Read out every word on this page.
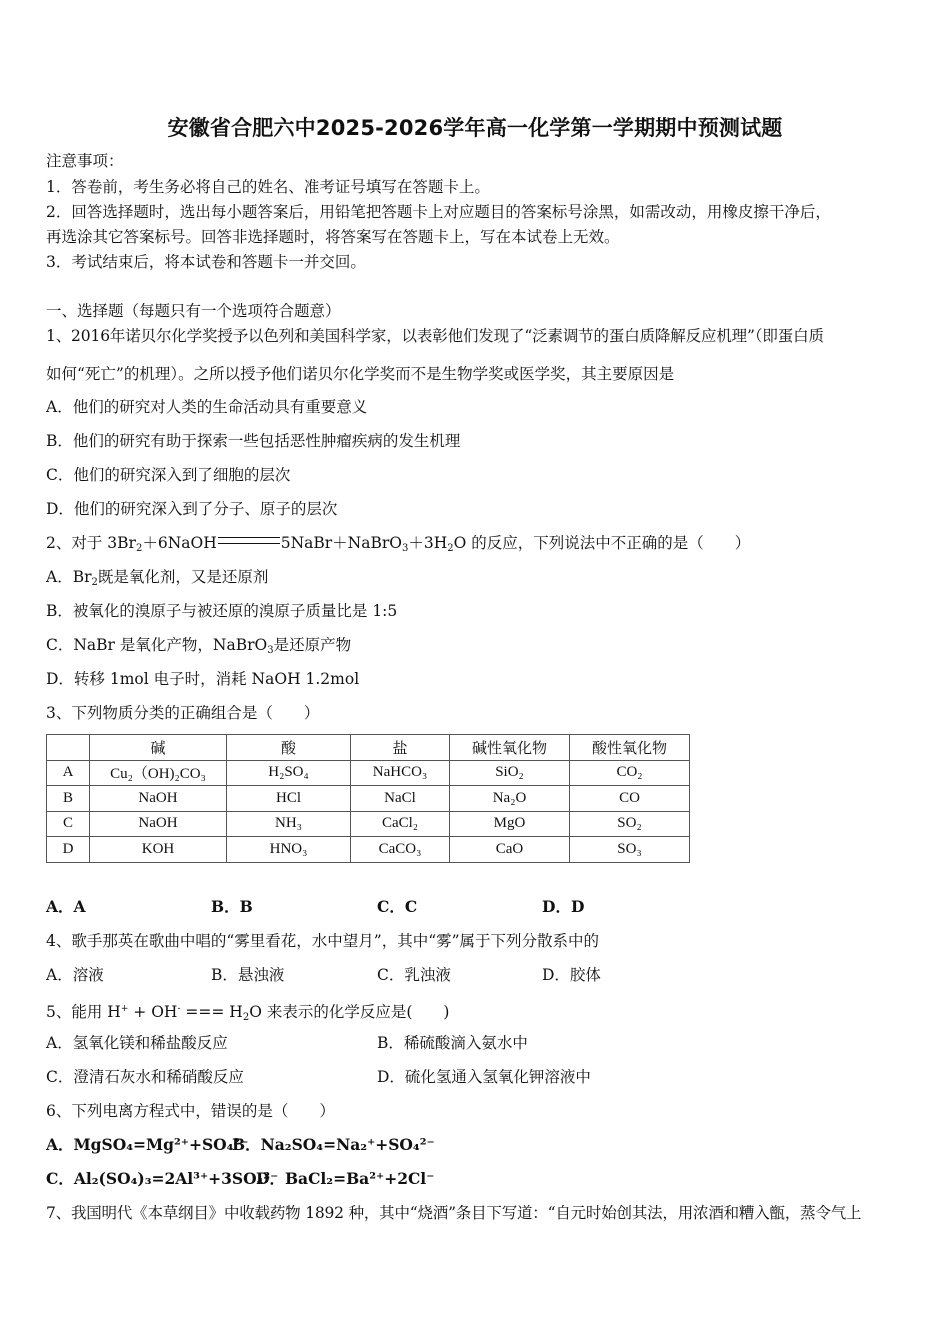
安徽省合肥六中2025-2026学年高一化学第一学期期中预测试题
注意事项：
1．答卷前，考生务必将自己的姓名、准考证号填写在答题卡上。
2．回答选择题时，选出每小题答案后，用铅笔把答题卡上对应题目的答案标号涂黑，如需改动，用橡皮擦干净后，
再选涂其它答案标号。回答非选择题时，将答案写在答题卡上，写在本试卷上无效。
3．考试结束后，将本试卷和答题卡一并交回。
一、选择题（每题只有一个选项符合题意）
1、2016年诺贝尔化学奖授予以色列和美国科学家，以表彰他们发现了“泛素调节的蛋白质降解反应机理”（即蛋白质
如何“死亡”的机理）。之所以授予他们诺贝尔化学奖而不是生物学奖或医学奖，其主要原因是
A．他们的研究对人类的生命活动具有重要意义
B．他们的研究有助于探索一些包括恶性肿瘤疾病的发生机理
C．他们的研究深入到了细胞的层次
D．他们的研究深入到了分子、原子的层次
2、对于 $3Br_2+6NaOH$	$5NaBr+NaBrO_3+3H_2O$ 的反应，下列说法中不正确的是（　　）
A．$Br_2$既是氧化剂，又是还原剂
B．被氧化的溴原子与被还原的溴原子质量比是 1:5
C．NaBr 是氧化产物，NaBrO$_3$是还原产物
D．转移 1mol 电子时，消耗 NaOH 1.2mol
3、下列物质分类的正确组合是（　　）
	碱	酸	盐	碱性氧化物	酸性氧化物
A	Cu₂（OH)₂CO₃	H₂SO₄	NaHCO₃	SiO₂	CO₂
B	NaOH	HCl	NaCl	Na₂O	CO
C	NaOH	NH₃	CaCl₂	MgO	SO₂
D	KOH	HNO₃	CaCO₃	CaO	SO₃
A．A	B．B	C．C	D．D
4、歌手那英在歌曲中唱的“雾里看花，水中望月”，其中“雾”属于下列分散系中的
A．溶液	B．悬浊液	C．乳浊液	D．胶体
5、能用 H+ + OH- === $H_2O$ 来表示的化学反应是(　　)
A．氢氧化镁和稀盐酸反应	B．稀硫酸滴入氨水中
C．澄清石灰水和稀硝酸反应	D．硫化氢通入氢氧化钾溶液中
6、下列电离方程式中，错误的是（　　）
A．MgSO₄=Mg²⁺+SO₄²⁻
B．Na₂SO₄=Na₂⁺+SO₄²⁻
C．Al₂(SO₄)₃=2Al³⁺+3SO₄²⁻
D．BaCl₂=Ba²⁺+2Cl⁻
7、我国明代《本草纲目》中收载药物 1892 种，其中“烧酒”条目下写道：“自元时始创其法，用浓酒和糟入甑，蒸令气上
